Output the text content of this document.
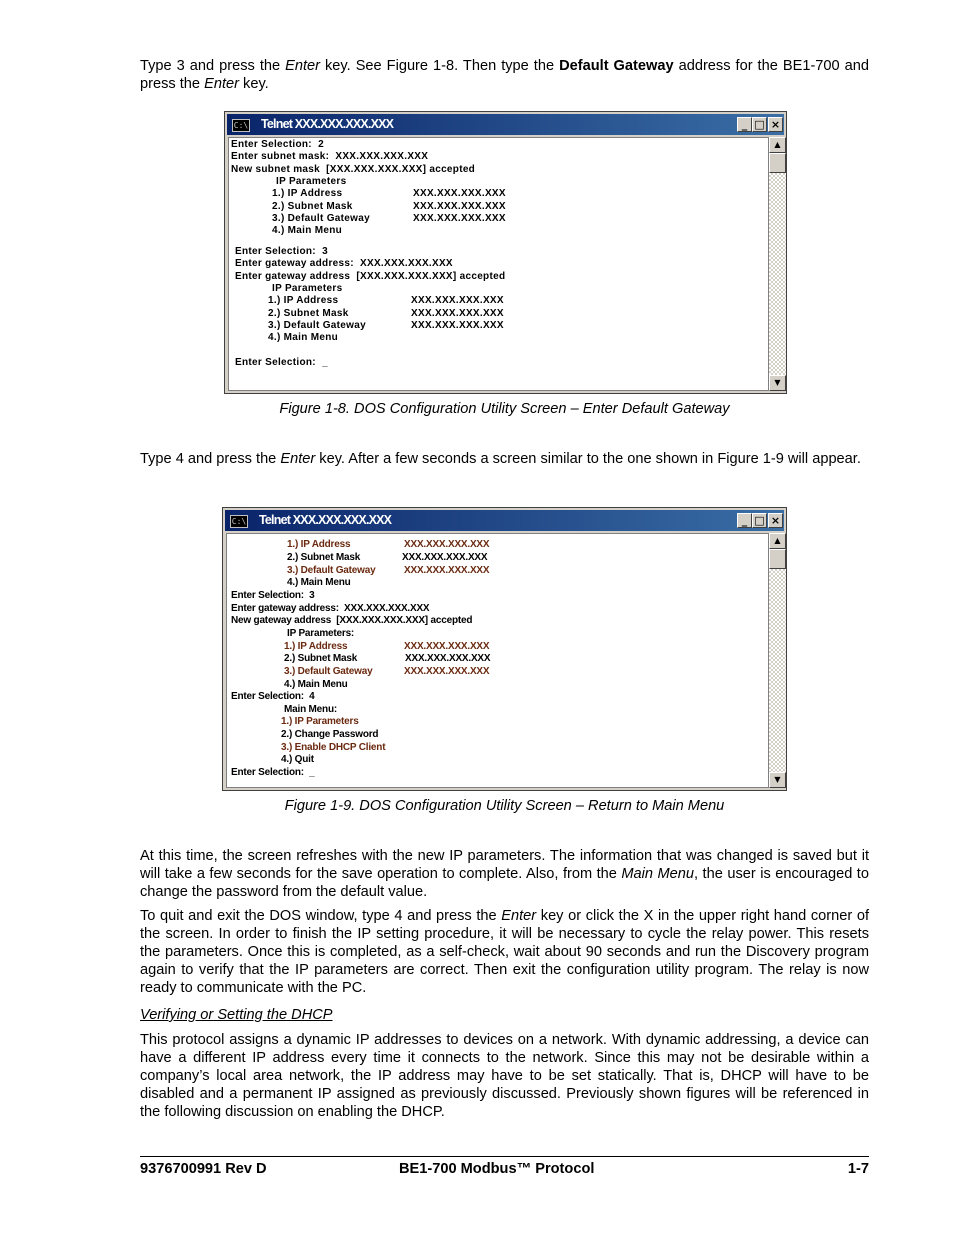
Type 3 and press the Enter key. See Figure 1-8. Then type the Default Gateway address for the BE1-700 and press the Enter key.

C:\ Telnet XXX.XXX.XXX.XXX	_ □ ×

Enter Selection:  2

Enter subnet mask:  XXX.XXX.XXX.XXX

New subnet mask  [XXX.XXX.XXX.XXX] accepted

IP Parameters

1.) IP Address	XXX.XXX.XXX.XXX

2.) Subnet Mask	XXX.XXX.XXX.XXX

3.) Default Gateway	XXX.XXX.XXX.XXX

4.) Main Menu

Enter Selection:  3

Enter gateway address:  XXX.XXX.XXX.XXX

Enter gateway address  [XXX.XXX.XXX.XXX] accepted

IP Parameters

1.) IP Address	XXX.XXX.XXX.XXX

2.) Subnet Mask	XXX.XXX.XXX.XXX

3.) Default Gateway	XXX.XXX.XXX.XXX

4.) Main Menu

Enter Selection:  _

▲
▼

Figure 1-8. DOS Configuration Utility Screen – Enter Default Gateway

Type 4 and press the Enter key. After a few seconds a screen similar to the one shown in Figure 1-9 will appear.

C:\ Telnet XXX.XXX.XXX.XXX	_ □ ×

1.) IP Address	XXX.XXX.XXX.XXX

2.) Subnet Mask	XXX.XXX.XXX.XXX

3.) Default Gateway	XXX.XXX.XXX.XXX

4.) Main Menu

Enter Selection:  3

Enter gateway address:  XXX.XXX.XXX.XXX

New gateway address  [XXX.XXX.XXX.XXX] accepted

IP Parameters:

1.) IP Address	XXX.XXX.XXX.XXX

2.) Subnet Mask	XXX.XXX.XXX.XXX

3.) Default Gateway	XXX.XXX.XXX.XXX

4.) Main Menu

Enter Selection:  4

Main Menu:

1.) IP Parameters

2.) Change Password

3.) Enable DHCP Client

4.) Quit

Enter Selection:  _

▲
▼

Figure 1-9. DOS Configuration Utility Screen – Return to Main Menu

At this time, the screen refreshes with the new IP parameters. The information that was changed is saved but it will take a few seconds for the save operation to complete. Also, from the Main Menu, the user is encouraged to change the password from the default value.

To quit and exit the DOS window, type 4 and press the Enter key or click the X in the upper right hand corner of the screen. In order to finish the IP setting procedure, it will be necessary to cycle the relay power. This resets the parameters. Once this is completed, as a self-check, wait about 90 seconds and run the Discovery program again to verify that the IP parameters are correct. Then exit the configuration utility program. The relay is now ready to communicate with the PC.

Verifying or Setting the DHCP

This protocol assigns a dynamic IP addresses to devices on a network. With dynamic addressing, a device can have a different IP address every time it connects to the network. Since this may not be desirable within a company’s local area network, the IP address may have to be set statically. That is, DHCP will have to be disabled and a permanent IP assigned as previously discussed. Previously shown figures will be referenced in the following discussion on enabling the DHCP.

9376700991 Rev D	BE1-700 Modbus™ Protocol	1-7
